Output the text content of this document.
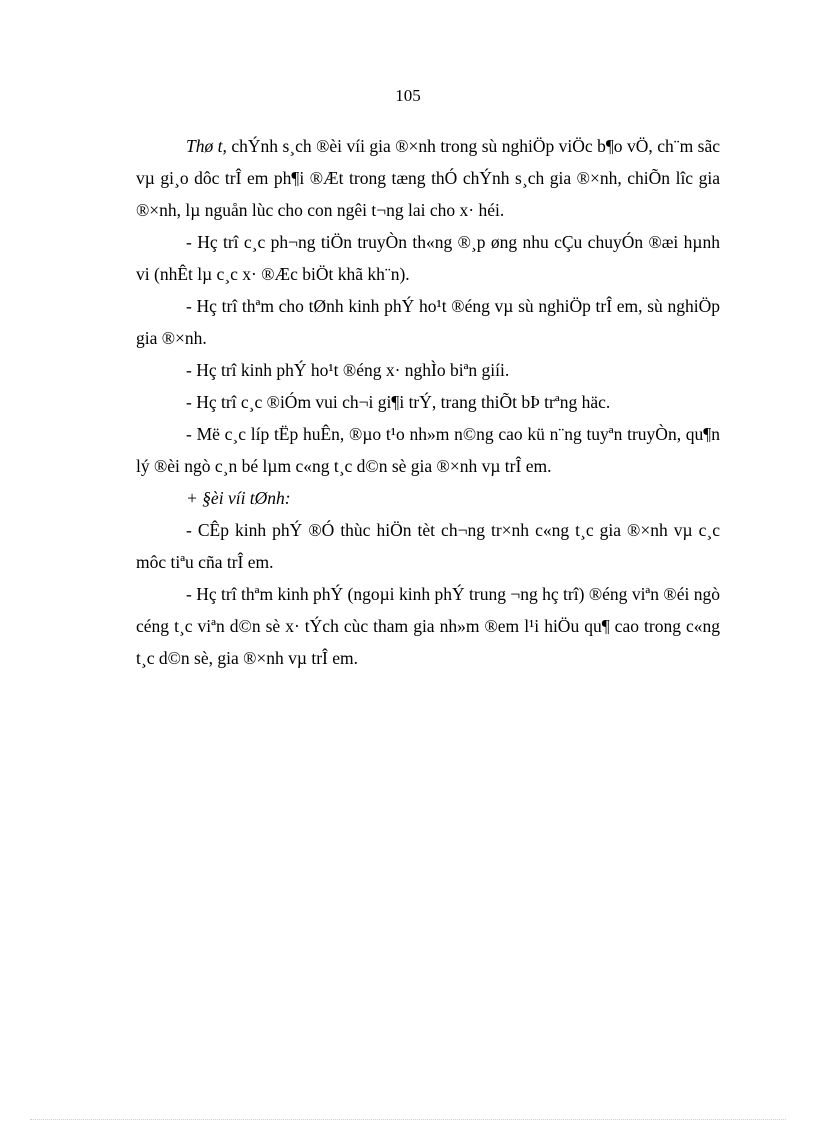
105

Thø t, chÝnh s¸ch ®èi víi gia ®×nh trong sù nghiÖp viÖc b¶o vÖ, ch¨m sãc vµ gi¸o dôc trÎ em ph¶i ®Æt trong tæng thÓ chÝnh s¸ch gia ®×nh, chiÕn lîc gia ®×nh, lµ nguån lùc cho con ngêi t¬ng lai cho x· héi.

- Hç trî c¸c ph¬ng tiÖn truyÒn th«ng ®¸p øng nhu cÇu chuyÓn ®æi hµnh vi (nhÊt lµ c¸c x· ®Æc biÖt khã kh¨n).

- Hç trî thªm cho tØnh kinh phÝ ho¹t ®éng vµ sù nghiÖp trÎ em, sù nghiÖp gia ®×nh.

- Hç trî kinh phÝ ho¹t ®éng x· nghÌo biªn giíi.

- Hç trî c¸c ®iÓm vui ch¬i gi¶i trÝ, trang thiÕt bÞ trªng häc.

- Më c¸c líp tËp huÊn, ®µo t¹o nh»m n©ng cao kü n¨ng tuyªn truyÒn, qu¶n lý ®èi ngò c¸n bé lµm c«ng t¸c d©n sè gia ®×nh vµ trÎ em.

+ §èi víi tØnh:

- CÊp kinh phÝ ®Ó thùc hiÖn tèt ch¬ng tr×nh c«ng t¸c gia ®×nh vµ c¸c môc tiªu cña trÎ em.

- Hç trî thªm kinh phÝ (ngoµi kinh phÝ trung ¬ng hç trî) ®éng viªn ®éi ngò céng t¸c viªn d©n sè x· tÝch cùc tham gia nh»m ®em l¹i hiÖu qu¶ cao trong c«ng t¸c d©n sè, gia ®×nh vµ trÎ em.
